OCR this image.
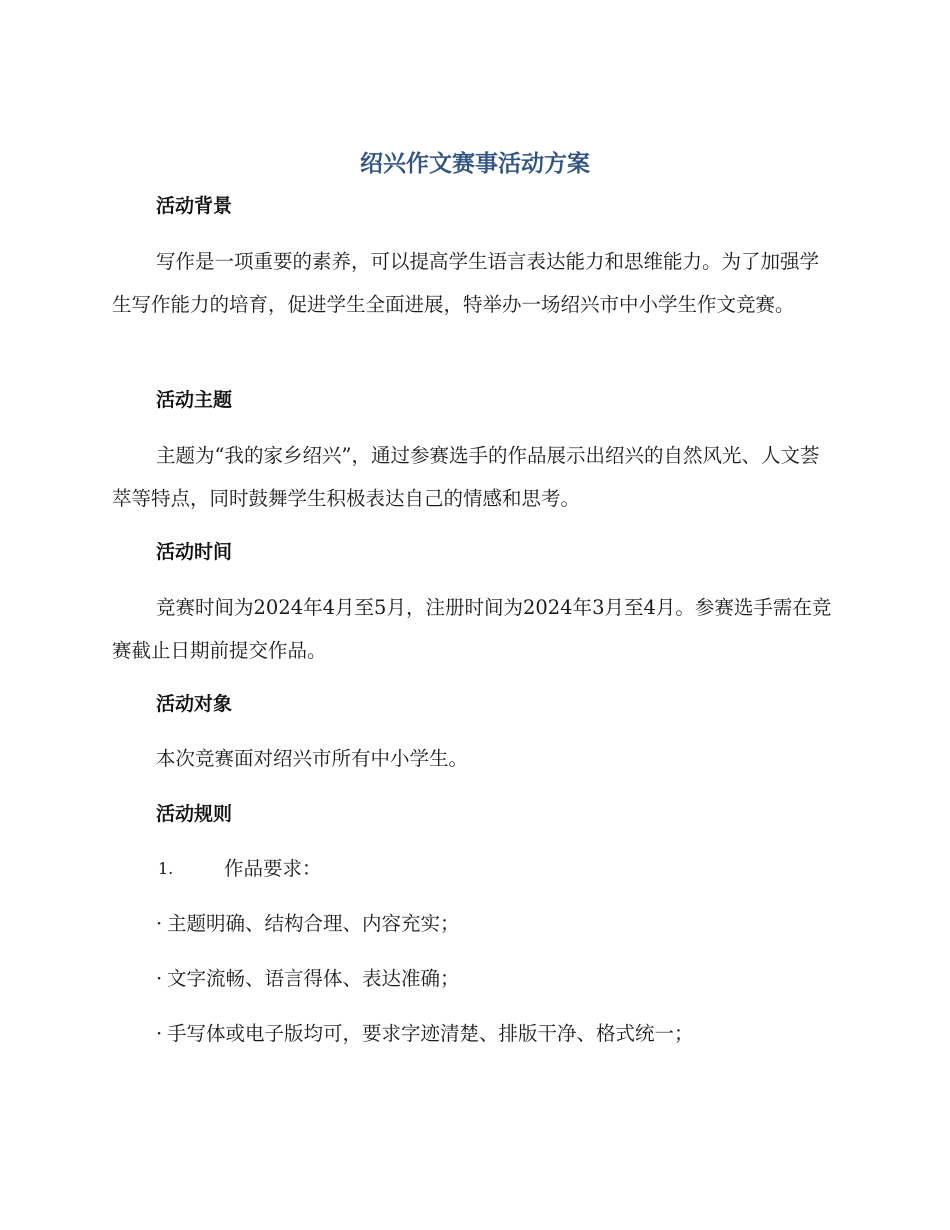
绍兴作文赛事活动方案
活动背景
写作是一项重要的素养，可以提高学生语言表达能力和思维能力。为了加强学生写作能力的培育，促进学生全面进展，特举办一场绍兴市中小学生作文竞赛。
活动主题
主题为“我的家乡绍兴”，通过参赛选手的作品展示出绍兴的自然风光、人文荟萃等特点，同时鼓舞学生积极表达自己的情感和思考。
活动时间
竞赛时间为2024年4月至5月，注册时间为2024年3月至4月。参赛选手需在竞赛截止日期前提交作品。
活动对象
本次竞赛面对绍兴市所有中小学生。
活动规则
1.	作品要求：
· 主题明确、结构合理、内容充实；
· 文字流畅、语言得体、表达准确；
· 手写体或电子版均可，要求字迹清楚、排版干净、格式统一；
